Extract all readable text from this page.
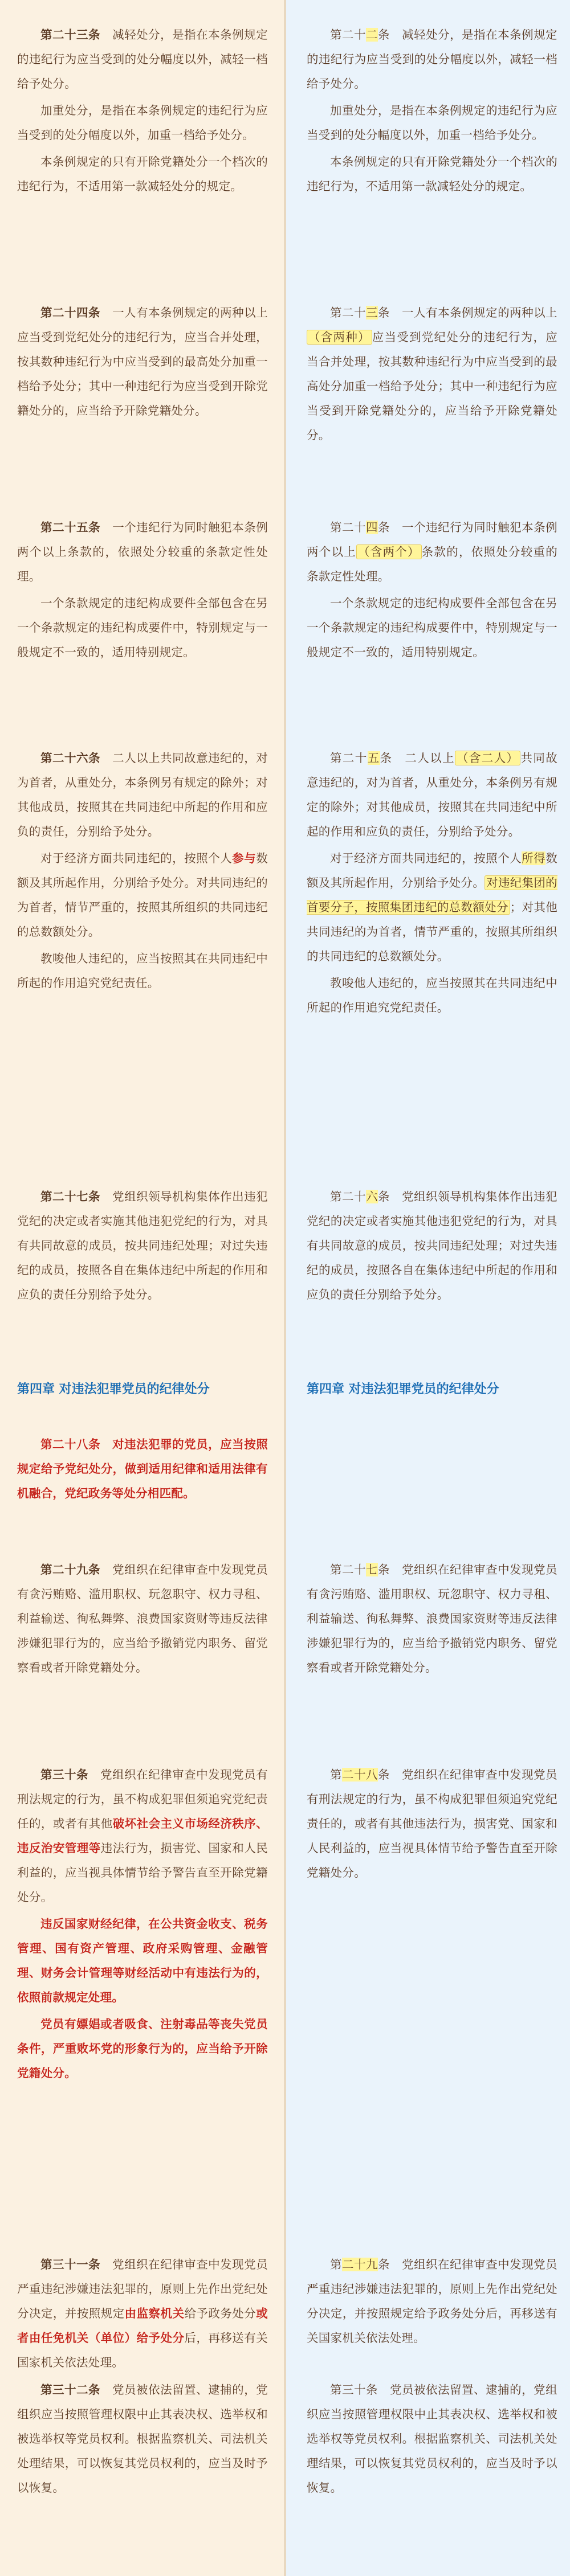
第二十三条　 减轻处分，是指在本条例规定的违纪行为应当受到的处分幅度以外，减轻一档给予处分。

加重处分，是指在本条例规定的违纪行为应当受到的处分幅度以外，加重一档给予处分。

本条例规定的只有开除党籍处分一个档次的违纪行为，不适用第一款减轻处分的规定。

第二十四条　 一人有本条例规定的两种以上应当受到党纪处分的违纪行为，应当合并处理，按其数种违纪行为中应当受到的最高处分加重一档给予处分；其中一种违纪行为应当受到开除党籍处分的，应当给予开除党籍处分。

第二十五条　 一个违纪行为同时触犯本条例两个以上条款的，依照处分较重的条款定性处理。

一个条款规定的违纪构成要件全部包含在另一个条款规定的违纪构成要件中，特别规定与一般规定不一致的，适用特别规定。

第二十六条　 二人以上共同故意违纪的，对为首者，从重处分，本条例另有规定的除外；对其他成员，按照其在共同违纪中所起的作用和应负的责任，分别给予处分。

对于经济方面共同违纪的，按照个人参与数额及其所起作用，分别给予处分。对共同违纪的为首者，情节严重的，按照其所组织的共同违纪的总数额处分。

教唆他人违纪的，应当按照其在共同违纪中所起的作用追究党纪责任。

第二十七条　 党组织领导机构集体作出违犯党纪的决定或者实施其他违犯党纪的行为，对具有共同故意的成员，按共同违纪处理；对过失违纪的成员，按照各自在集体违纪中所起的作用和应负的责任分别给予处分。

第四章 对违法犯罪党员的纪律处分

第二十八条　 对违法犯罪的党员，应当按照规定给予党纪处分，做到适用纪律和适用法律有机融合，党纪政务等处分相匹配。

第二十九条　 党组织在纪律审查中发现党员有贪污贿赂、滥用职权、玩忽职守、权力寻租、利益输送、徇私舞弊、浪费国家资财等违反法律涉嫌犯罪行为的，应当给予撤销党内职务、留党察看或者开除党籍处分。

第三十条　 党组织在纪律审查中发现党员有刑法规定的行为，虽不构成犯罪但须追究党纪责任的，或者有其他破坏社会主义市场经济秩序、违反治安管理等违法行为，损害党、国家和人民利益的，应当视具体情节给予警告直至开除党籍处分。

违反国家财经纪律，在公共资金收支、税务管理、国有资产管理、政府采购管理、金融管理、财务会计管理等财经活动中有违法行为的，依照前款规定处理。

党员有嫖娼或者吸食、注射毒品等丧失党员条件，严重败坏党的形象行为的，应当给予开除党籍处分。

第三十一条　 党组织在纪律审查中发现党员严重违纪涉嫌违法犯罪的，原则上先作出党纪处分决定，并按照规定由监察机关给予政务处分或者由任免机关（单位）给予处分后，再移送有关国家机关依法处理。

第三十二条　 党员被依法留置、逮捕的，党组织应当按照管理权限中止其表决权、选举权和被选举权等党员权利。根据监察机关、司法机关处理结果，可以恢复其党员权利的，应当及时予以恢复。

第二十二条　 减轻处分，是指在本条例规定的违纪行为应当受到的处分幅度以外，减轻一档给予处分。

加重处分，是指在本条例规定的违纪行为应当受到的处分幅度以外，加重一档给予处分。

本条例规定的只有开除党籍处分一个档次的违纪行为，不适用第一款减轻处分的规定。

第二十三条　 一人有本条例规定的两种以上（含两种） 应当受到党纪处分的违纪行为，应当合并处理，按其数种违纪行为中应当受到的最高处分加重一档给予处分；其中一种违纪行为应当受到开除党籍处分的，应当给予开除党籍处分。

第二十四条　 一个违纪行为同时触犯本条例两个以上 （含两个） 条款的，依照处分较重的条款定性处理。

一个条款规定的违纪构成要件全部包含在另一个条款规定的违纪构成要件中，特别规定与一般规定不一致的，适用特别规定。

第二十五条　 二人以上 （含二人） 共同故意违纪的，对为首者，从重处分，本条例另有规定的除外；对其他成员，按照其在共同违纪中所起的作用和应负的责任，分别给予处分。

对于经济方面共同违纪的，按照个人所得数额及其所起作用，分别给予处分。 对违纪集团的首要分子，按照集团违纪的总数额处分 ；对其他共同违纪的为首者，情节严重的，按照其所组织的共同违纪的总数额处分。

教唆他人违纪的，应当按照其在共同违纪中所起的作用追究党纪责任。

第二十六条　 党组织领导机构集体作出违犯党纪的决定或者实施其他违犯党纪的行为，对具有共同故意的成员，按共同违纪处理；对过失违纪的成员，按照各自在集体违纪中所起的作用和应负的责任分别给予处分。

第四章 对违法犯罪党员的纪律处分

第二十七条　 党组织在纪律审查中发现党员有贪污贿赂、滥用职权、玩忽职守、权力寻租、利益输送、徇私舞弊、浪费国家资财等违反法律涉嫌犯罪行为的，应当给予撤销党内职务、留党察看或者开除党籍处分。

第二十八条　 党组织在纪律审查中发现党员有刑法规定的行为，虽不构成犯罪但须追究党纪责任的，或者有其他违法行为，损害党、国家和人民利益的，应当视具体情节给予警告直至开除党籍处分。

第二十九条　 党组织在纪律审查中发现党员严重违纪涉嫌违法犯罪的，原则上先作出党纪处分决定，并按照规定给予政务处分后，再移送有关国家机关依法处理。

第三十条　 党员被依法留置、逮捕的，党组织应当按照管理权限中止其表决权、选举权和被选举权等党员权利。根据监察机关、司法机关处理结果，可以恢复其党员权利的，应当及时予以恢复。
